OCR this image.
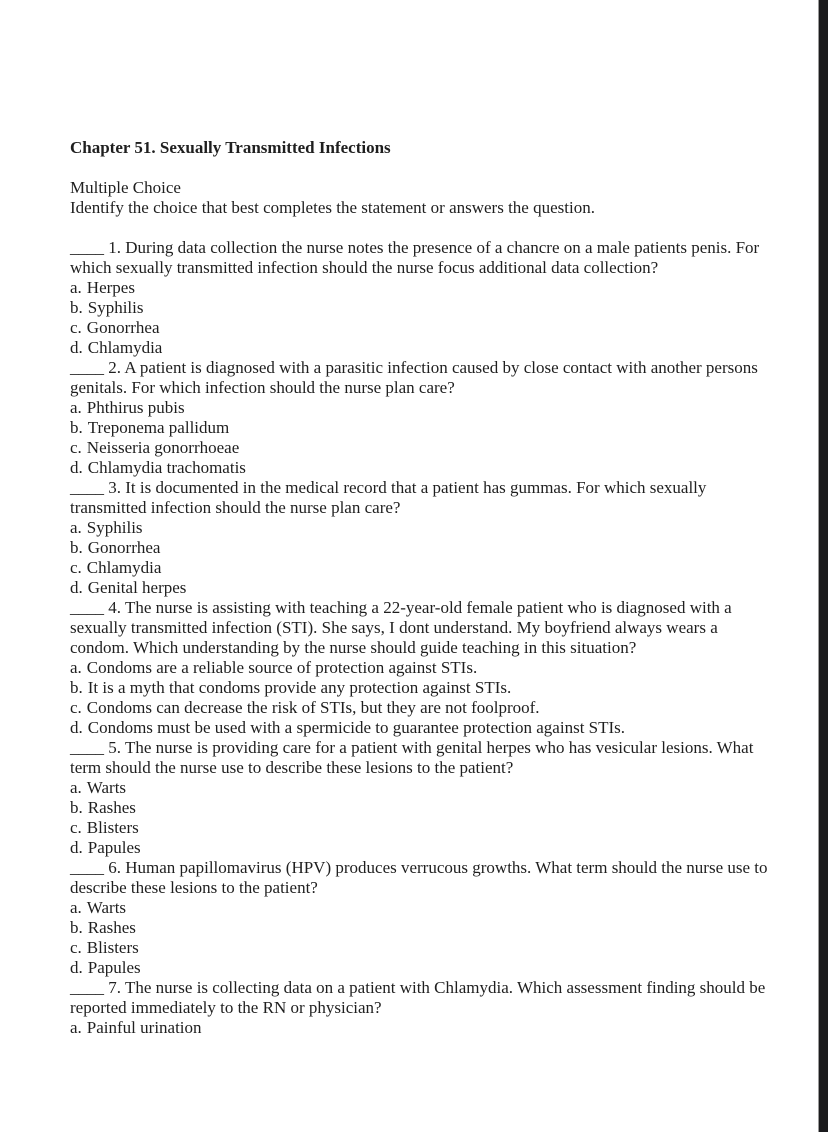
Chapter 51. Sexually Transmitted Infections
Multiple Choice
Identify the choice that best completes the statement or answers the question.
____ 1. During data collection the nurse notes the presence of a chancre on a male patients penis. For which sexually transmitted infection should the nurse focus additional data collection?
a. Herpes
b. Syphilis
c. Gonorrhea
d. Chlamydia
____ 2. A patient is diagnosed with a parasitic infection caused by close contact with another persons genitals. For which infection should the nurse plan care?
a. Phthirus pubis
b. Treponema pallidum
c. Neisseria gonorrhoeae
d. Chlamydia trachomatis
____ 3. It is documented in the medical record that a patient has gummas. For which sexually transmitted infection should the nurse plan care?
a. Syphilis
b. Gonorrhea
c. Chlamydia
d. Genital herpes
____ 4. The nurse is assisting with teaching a 22-year-old female patient who is diagnosed with a sexually transmitted infection (STI). She says, I dont understand. My boyfriend always wears a condom. Which understanding by the nurse should guide teaching in this situation?
a. Condoms are a reliable source of protection against STIs.
b. It is a myth that condoms provide any protection against STIs.
c. Condoms can decrease the risk of STIs, but they are not foolproof.
d. Condoms must be used with a spermicide to guarantee protection against STIs.
____ 5. The nurse is providing care for a patient with genital herpes who has vesicular lesions. What term should the nurse use to describe these lesions to the patient?
a. Warts
b. Rashes
c. Blisters
d. Papules
____ 6. Human papillomavirus (HPV) produces verrucous growths. What term should the nurse use to describe these lesions to the patient?
a. Warts
b. Rashes
c. Blisters
d. Papules
____ 7. The nurse is collecting data on a patient with Chlamydia. Which assessment finding should be reported immediately to the RN or physician?
a. Painful urination
